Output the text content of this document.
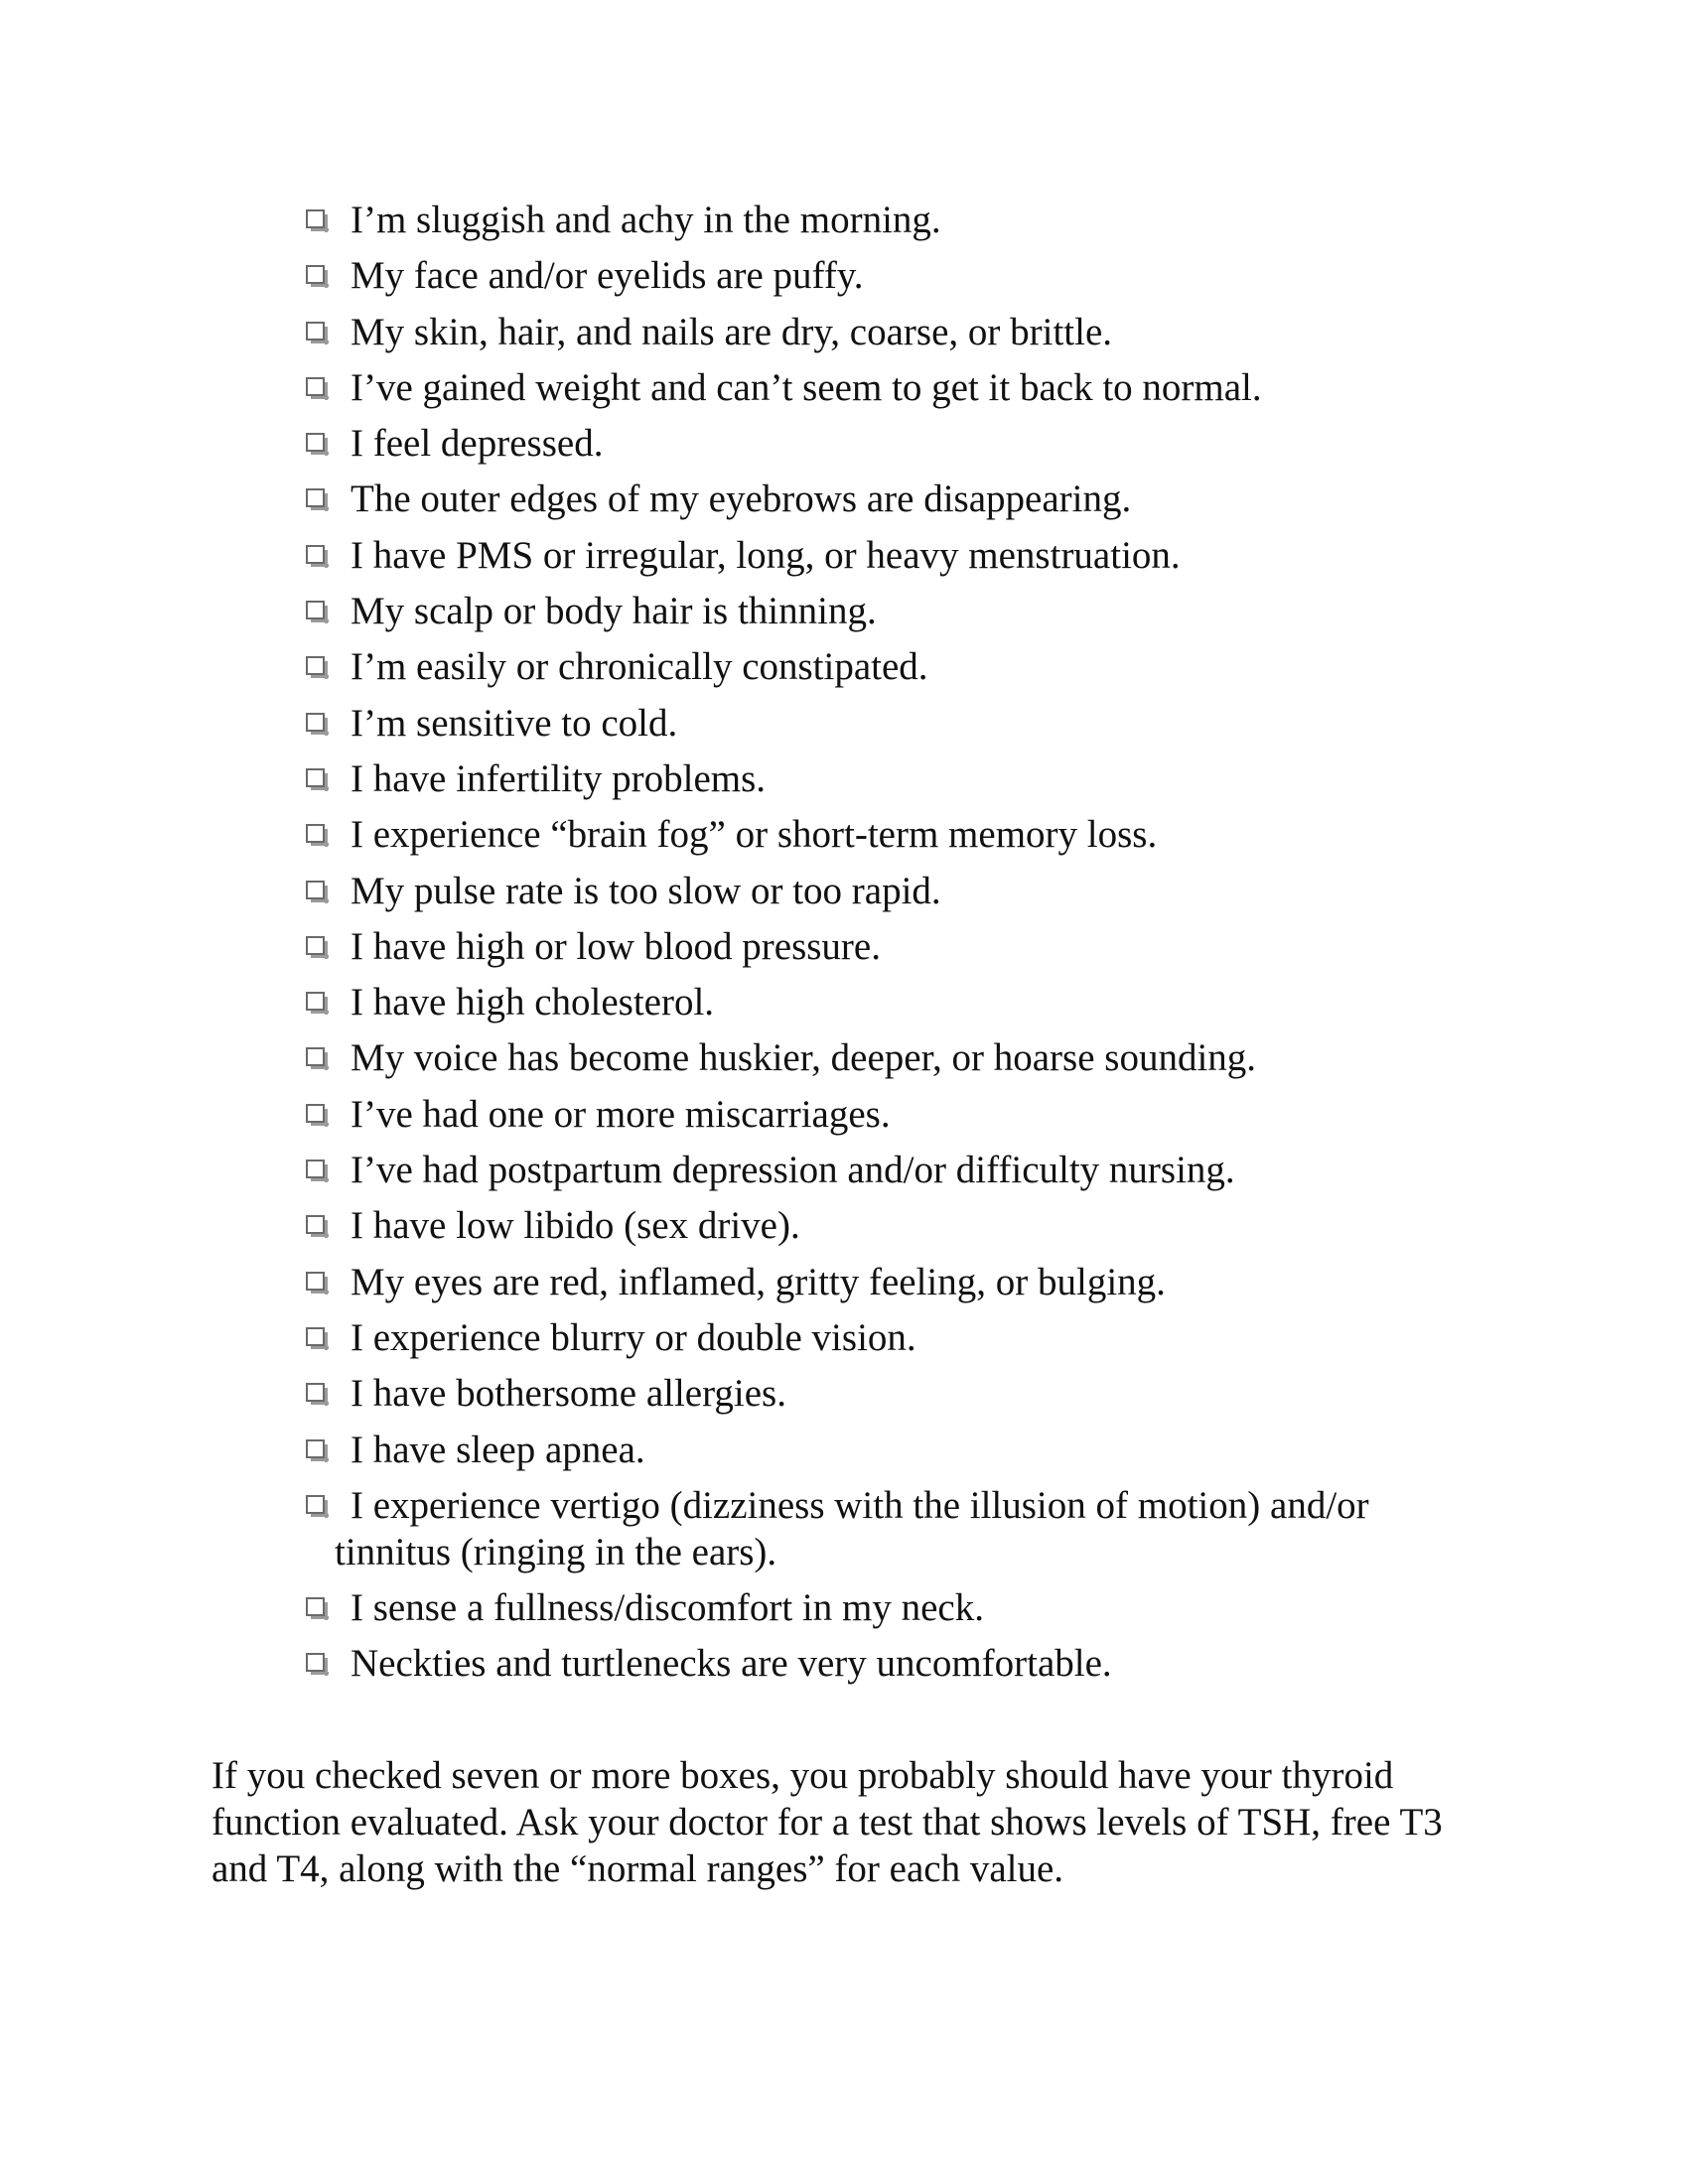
I’m sluggish and achy in the morning.
My face and/or eyelids are puffy.
My skin, hair, and nails are dry, coarse, or brittle.
I’ve gained weight and can’t seem to get it back to normal.
I feel depressed.
The outer edges of my eyebrows are disappearing.
I have PMS or irregular, long, or heavy menstruation.
My scalp or body hair is thinning.
I’m easily or chronically constipated.
I’m sensitive to cold.
I have infertility problems.
I experience “brain fog” or short-term memory loss.
My pulse rate is too slow or too rapid.
I have high or low blood pressure.
I have high cholesterol.
My voice has become huskier, deeper, or hoarse sounding.
I’ve had one or more miscarriages.
I’ve had postpartum depression and/or difficulty nursing.
I have low libido (sex drive).
My eyes are red, inflamed, gritty feeling, or bulging.
I experience blurry or double vision.
I have bothersome allergies.
I have sleep apnea.
I experience vertigo (dizziness with the illusion of motion) and/or
tinnitus (ringing in the ears).
I sense a fullness/discomfort in my neck.
Neckties and turtlenecks are very uncomfortable.

If you checked seven or more boxes, you probably should have your thyroid function evaluated. Ask your doctor for a test that shows levels of TSH, free T3 and T4, along with the “normal ranges” for each value.
